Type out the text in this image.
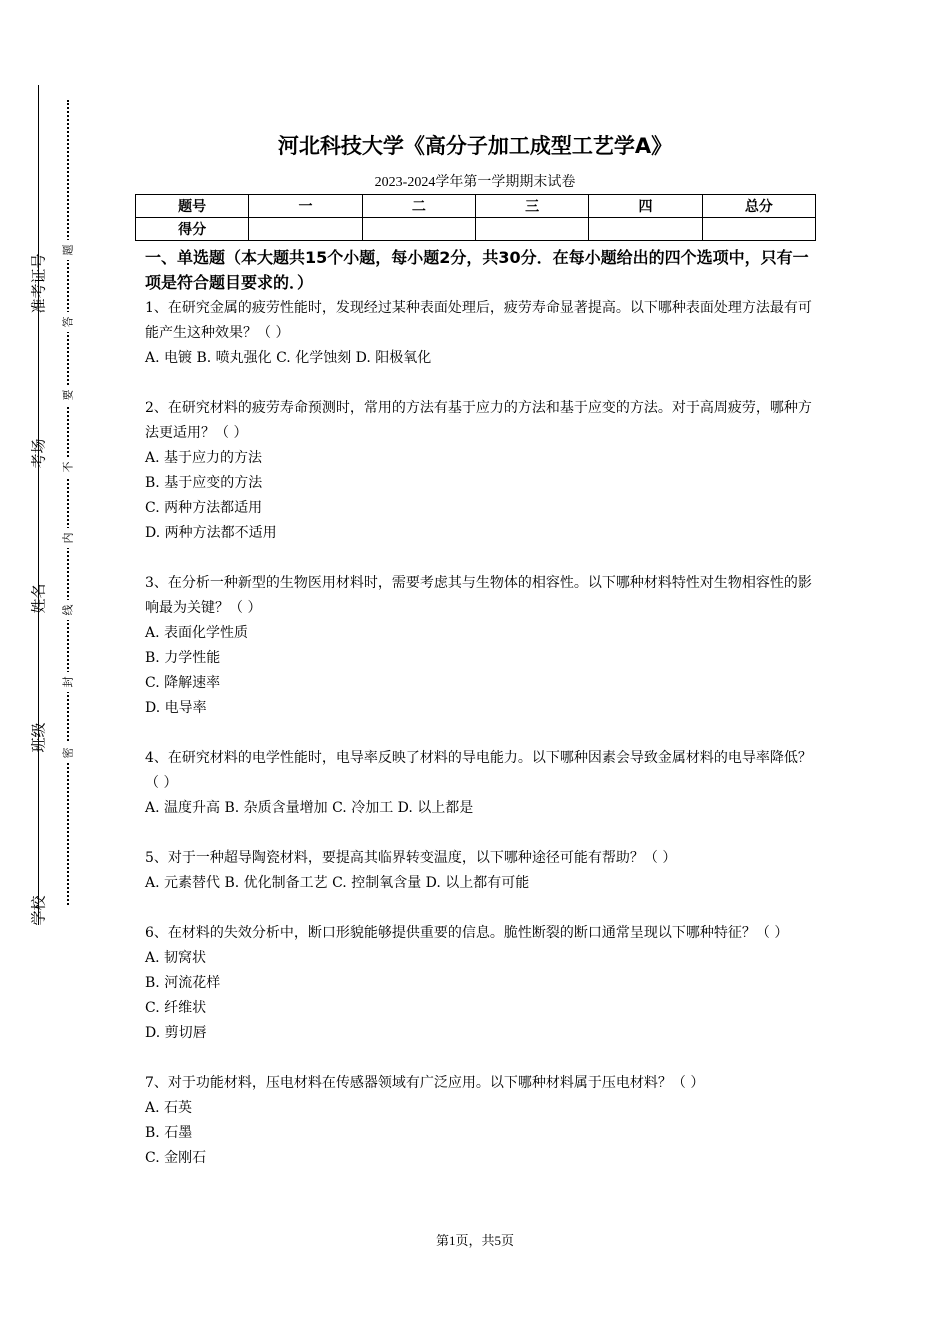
准考证号
考场
姓名
班级
学校
题
答
要
不
内
线
封
密
河北科技大学《高分子加工成型工艺学A》
2023-2024学年第一学期期末试卷
题号	一	二	三	四	总分
得分					

一、单选题（本大题共15个小题，每小题2分，共30分．在每小题给出的四个选项中，只有一项是符合题目要求的．）

1、在研究金属的疲劳性能时，发现经过某种表面处理后，疲劳寿命显著提高。以下哪种表面处理方法最有可能产生这种效果？（ ）

A. 电镀 B. 喷丸强化 C. 化学蚀刻 D. 阳极氧化

2、在研究材料的疲劳寿命预测时，常用的方法有基于应力的方法和基于应变的方法。对于高周疲劳，哪种方法更适用？（ ）

A. 基于应力的方法

B. 基于应变的方法

C. 两种方法都适用

D. 两种方法都不适用

3、在分析一种新型的生物医用材料时，需要考虑其与生物体的相容性。以下哪种材料特性对生物相容性的影响最为关键？（ ）

A. 表面化学性质

B. 力学性能

C. 降解速率

D. 电导率

4、在研究材料的电学性能时，电导率反映了材料的导电能力。以下哪种因素会导致金属材料的电导率降低？（ ）

A. 温度升高 B. 杂质含量增加 C. 冷加工 D. 以上都是

5、对于一种超导陶瓷材料，要提高其临界转变温度，以下哪种途径可能有帮助？（ ）

A. 元素替代 B. 优化制备工艺 C. 控制氧含量 D. 以上都有可能

6、在材料的失效分析中，断口形貌能够提供重要的信息。脆性断裂的断口通常呈现以下哪种特征？（ ）

A. 韧窝状

B. 河流花样

C. 纤维状

D. 剪切唇

7、对于功能材料，压电材料在传感器领域有广泛应用。以下哪种材料属于压电材料？（ ）

A. 石英

B. 石墨

C. 金刚石

第1页，共5页
